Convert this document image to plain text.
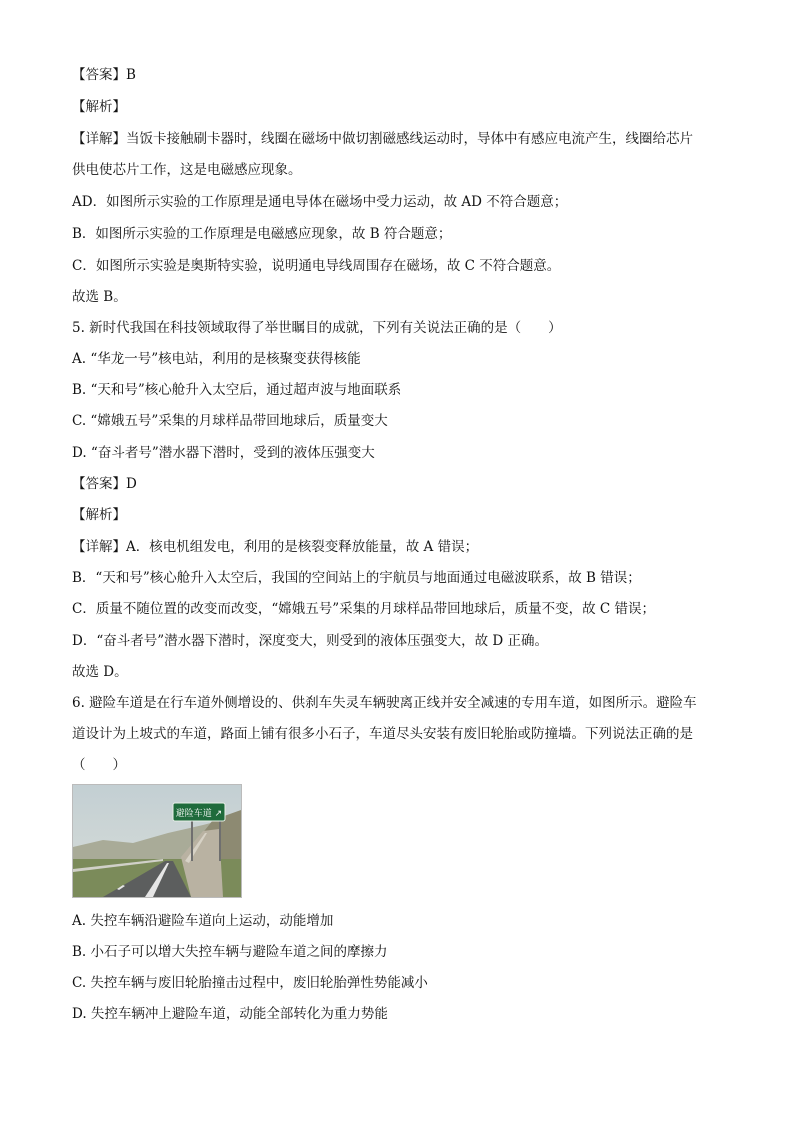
【答案】B
【解析】
【详解】当饭卡接触刷卡器时，线圈在磁场中做切割磁感线运动时，导体中有感应电流产生，线圈给芯片
供电使芯片工作，这是电磁感应现象。
AD．如图所示实验的工作原理是通电导体在磁场中受力运动，故 AD 不符合题意；
B．如图所示实验的工作原理是电磁感应现象，故 B 符合题意；
C．如图所示实验是奥斯特实验，说明通电导线周围存在磁场，故 C 不符合题意。
故选 B。
5. 新时代我国在科技领域取得了举世瞩目的成就，下列有关说法正确的是（　　）
A. “华龙一号”核电站，利用的是核聚变获得核能
B. “天和号”核心舱升入太空后，通过超声波与地面联系
C. “嫦娥五号”采集的月球样品带回地球后，质量变大
D. “奋斗者号”潜水器下潜时，受到的液体压强变大
【答案】D
【解析】
【详解】A．核电机组发电，利用的是核裂变释放能量，故 A 错误；
B．“天和号”核心舱升入太空后，我国的空间站上的宇航员与地面通过电磁波联系，故 B 错误；
C．质量不随位置的改变而改变，“嫦娥五号”采集的月球样品带回地球后，质量不变，故 C 错误；
D．“奋斗者号”潜水器下潜时，深度变大，则受到的液体压强变大，故 D 正确。
故选 D。
6. 避险车道是在行车道外侧增设的、供刹车失灵车辆驶离正线并安全减速的专用车道，如图所示。避险车
道设计为上坡式的车道，路面上铺有很多小石子，车道尽头安装有废旧轮胎或防撞墙。下列说法正确的是
（　　）
避险车道 ↗
A. 失控车辆沿避险车道向上运动，动能增加
B. 小石子可以增大失控车辆与避险车道之间的摩擦力
C. 失控车辆与废旧轮胎撞击过程中，废旧轮胎弹性势能减小
D. 失控车辆冲上避险车道，动能全部转化为重力势能
